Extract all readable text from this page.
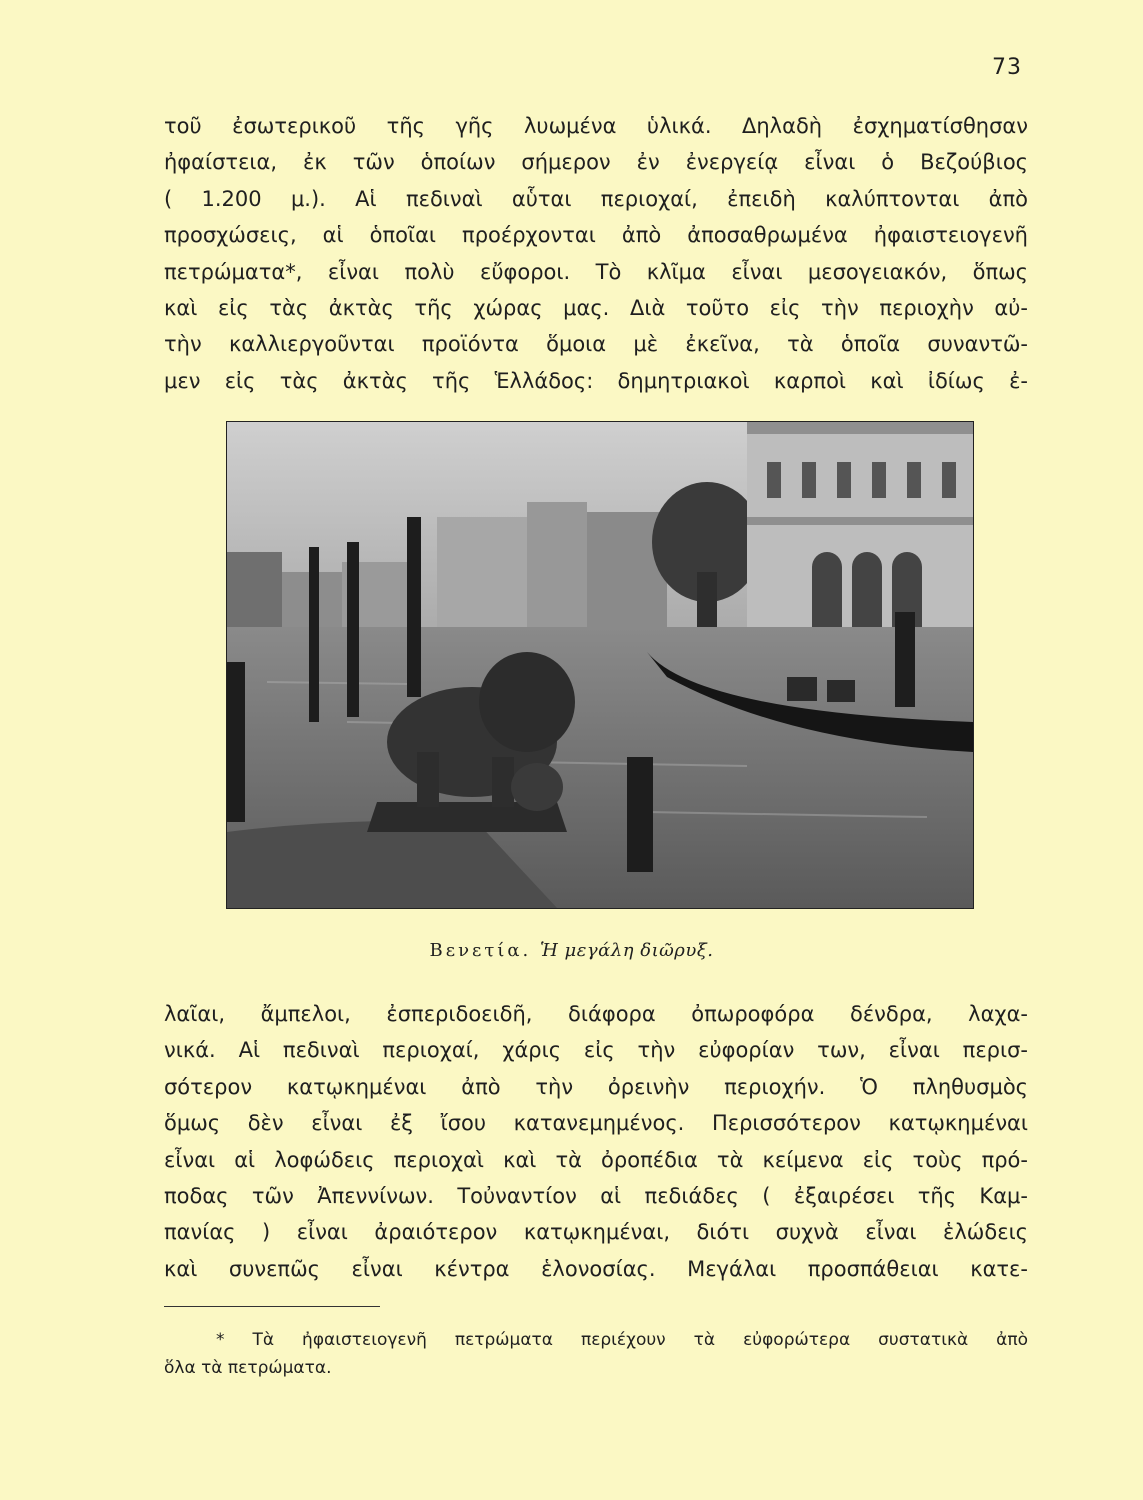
73
τοῦ ἐσωτερικοῦ τῆς γῆς λυωμένα ὑλικά. Δηλαδὴ ἐσχηματίσθησαν
ἠφαίστεια, ἐκ τῶν ὁποίων σήμερον ἐν ἐνεργείᾳ εἶναι ὁ Βεζούβιος
( 1.200 μ.). Αἱ πεδιναὶ αὗται περιοχαί, ἐπειδὴ καλύπτονται ἀπὸ
προσχώσεις, αἱ ὁποῖαι προέρχονται ἀπὸ ἀποσαθρωμένα ἠφαιστειογενῆ
πετρώματα*, εἶναι πολὺ εὔφοροι. Τὸ κλῖμα εἶναι μεσογειακόν, ὅπως
καὶ εἰς τὰς ἀκτὰς τῆς χώρας μας. Διὰ τοῦτο εἰς τὴν περιοχὴν αὐ-
τὴν καλλιεργοῦνται προϊόντα ὅμοια μὲ ἐκεῖνα, τὰ ὁποῖα συναντῶ-
μεν εἰς τὰς ἀκτὰς τῆς Ἑλλάδος: δημητριακοὶ καρποὶ καὶ ἰδίως ἐ-
Βενετία. Ἡ μεγάλη διῶρυξ.
λαῖαι, ἄμπελοι, ἐσπεριδοειδῆ, διάφορα ὀπωροφόρα δένδρα, λαχα-
νικά. Αἱ πεδιναὶ περιοχαί, χάρις εἰς τὴν εὐφορίαν των, εἶναι περισ-
σότερον κατῳκημέναι ἀπὸ τὴν ὀρεινὴν περιοχήν. Ὁ πληθυσμὸς
ὅμως δὲν εἶναι ἐξ ἴσου κατανεμημένος. Περισσότερον κατῳκημέναι
εἶναι αἱ λοφώδεις περιοχαὶ καὶ τὰ ὀροπέδια τὰ κείμενα εἰς τοὺς πρό-
ποδας τῶν Ἀπεννίνων. Τοὐναντίον αἱ πεδιάδες ( ἐξαιρέσει τῆς Καμ-
πανίας ) εἶναι ἀραιότερον κατῳκημέναι, διότι συχνὰ εἶναι ἑλώδεις
καὶ συνεπῶς εἶναι κέντρα ἑλονοσίας. Μεγάλαι προσπάθειαι κατε-
* Τὰ ἠφαιστειογενῆ πετρώματα περιέχουν τὰ εὐφορώτερα συστατικὰ ἀπὸ
ὅλα τὰ πετρώματα.
